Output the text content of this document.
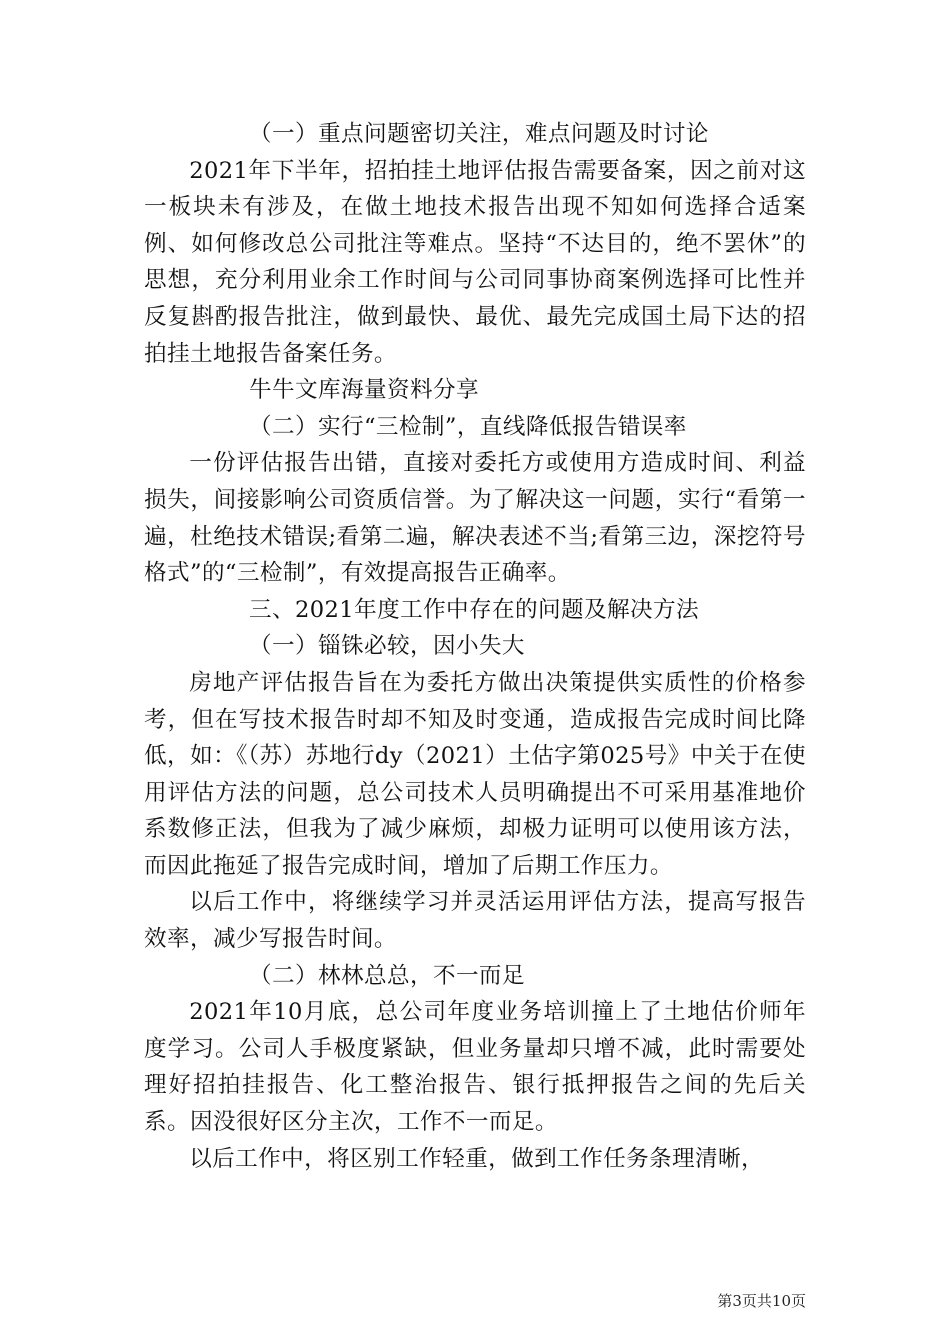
（一）重点问题密切关注，难点问题及时讨论

2021年下半年，招拍挂土地评估报告需要备案，因之前对这一板块未有涉及，在做土地技术报告出现不知如何选择合适案例、如何修改总公司批注等难点。坚持“不达目的，绝不罢休”的思想，充分利用业余工作时间与公司同事协商案例选择可比性并反复斟酌报告批注，做到最快、最优、最先完成国土局下达的招拍挂土地报告备案任务。

牛牛文库海量资料分享

（二）实行“三检制”，直线降低报告错误率

一份评估报告出错，直接对委托方或使用方造成时间、利益损失，间接影响公司资质信誉。为了解决这一问题，实行“看第一遍，杜绝技术错误;看第二遍，解决表述不当;看第三边，深挖符号格式”的“三检制”，有效提高报告正确率。

三、2021年度工作中存在的问题及解决方法

（一）锱铢必较，因小失大

房地产评估报告旨在为委托方做出决策提供实质性的价格参考，但在写技术报告时却不知及时变通，造成报告完成时间比降低，如：《（苏）苏地行dy（2021）土估字第025号》中关于在使用评估方法的问题，总公司技术人员明确提出不可采用基准地价系数修正法，但我为了减少麻烦，却极力证明可以使用该方法，而因此拖延了报告完成时间，增加了后期工作压力。

以后工作中，将继续学习并灵活运用评估方法，提高写报告效率，减少写报告时间。

（二）林林总总，不一而足

2021年10月底，总公司年度业务培训撞上了土地估价师年度学习。公司人手极度紧缺，但业务量却只增不减，此时需要处理好招拍挂报告、化工整治报告、银行抵押报告之间的先后关系。因没很好区分主次，工作不一而足。

以后工作中，将区别工作轻重，做到工作任务条理清晰，

第3页共10页
